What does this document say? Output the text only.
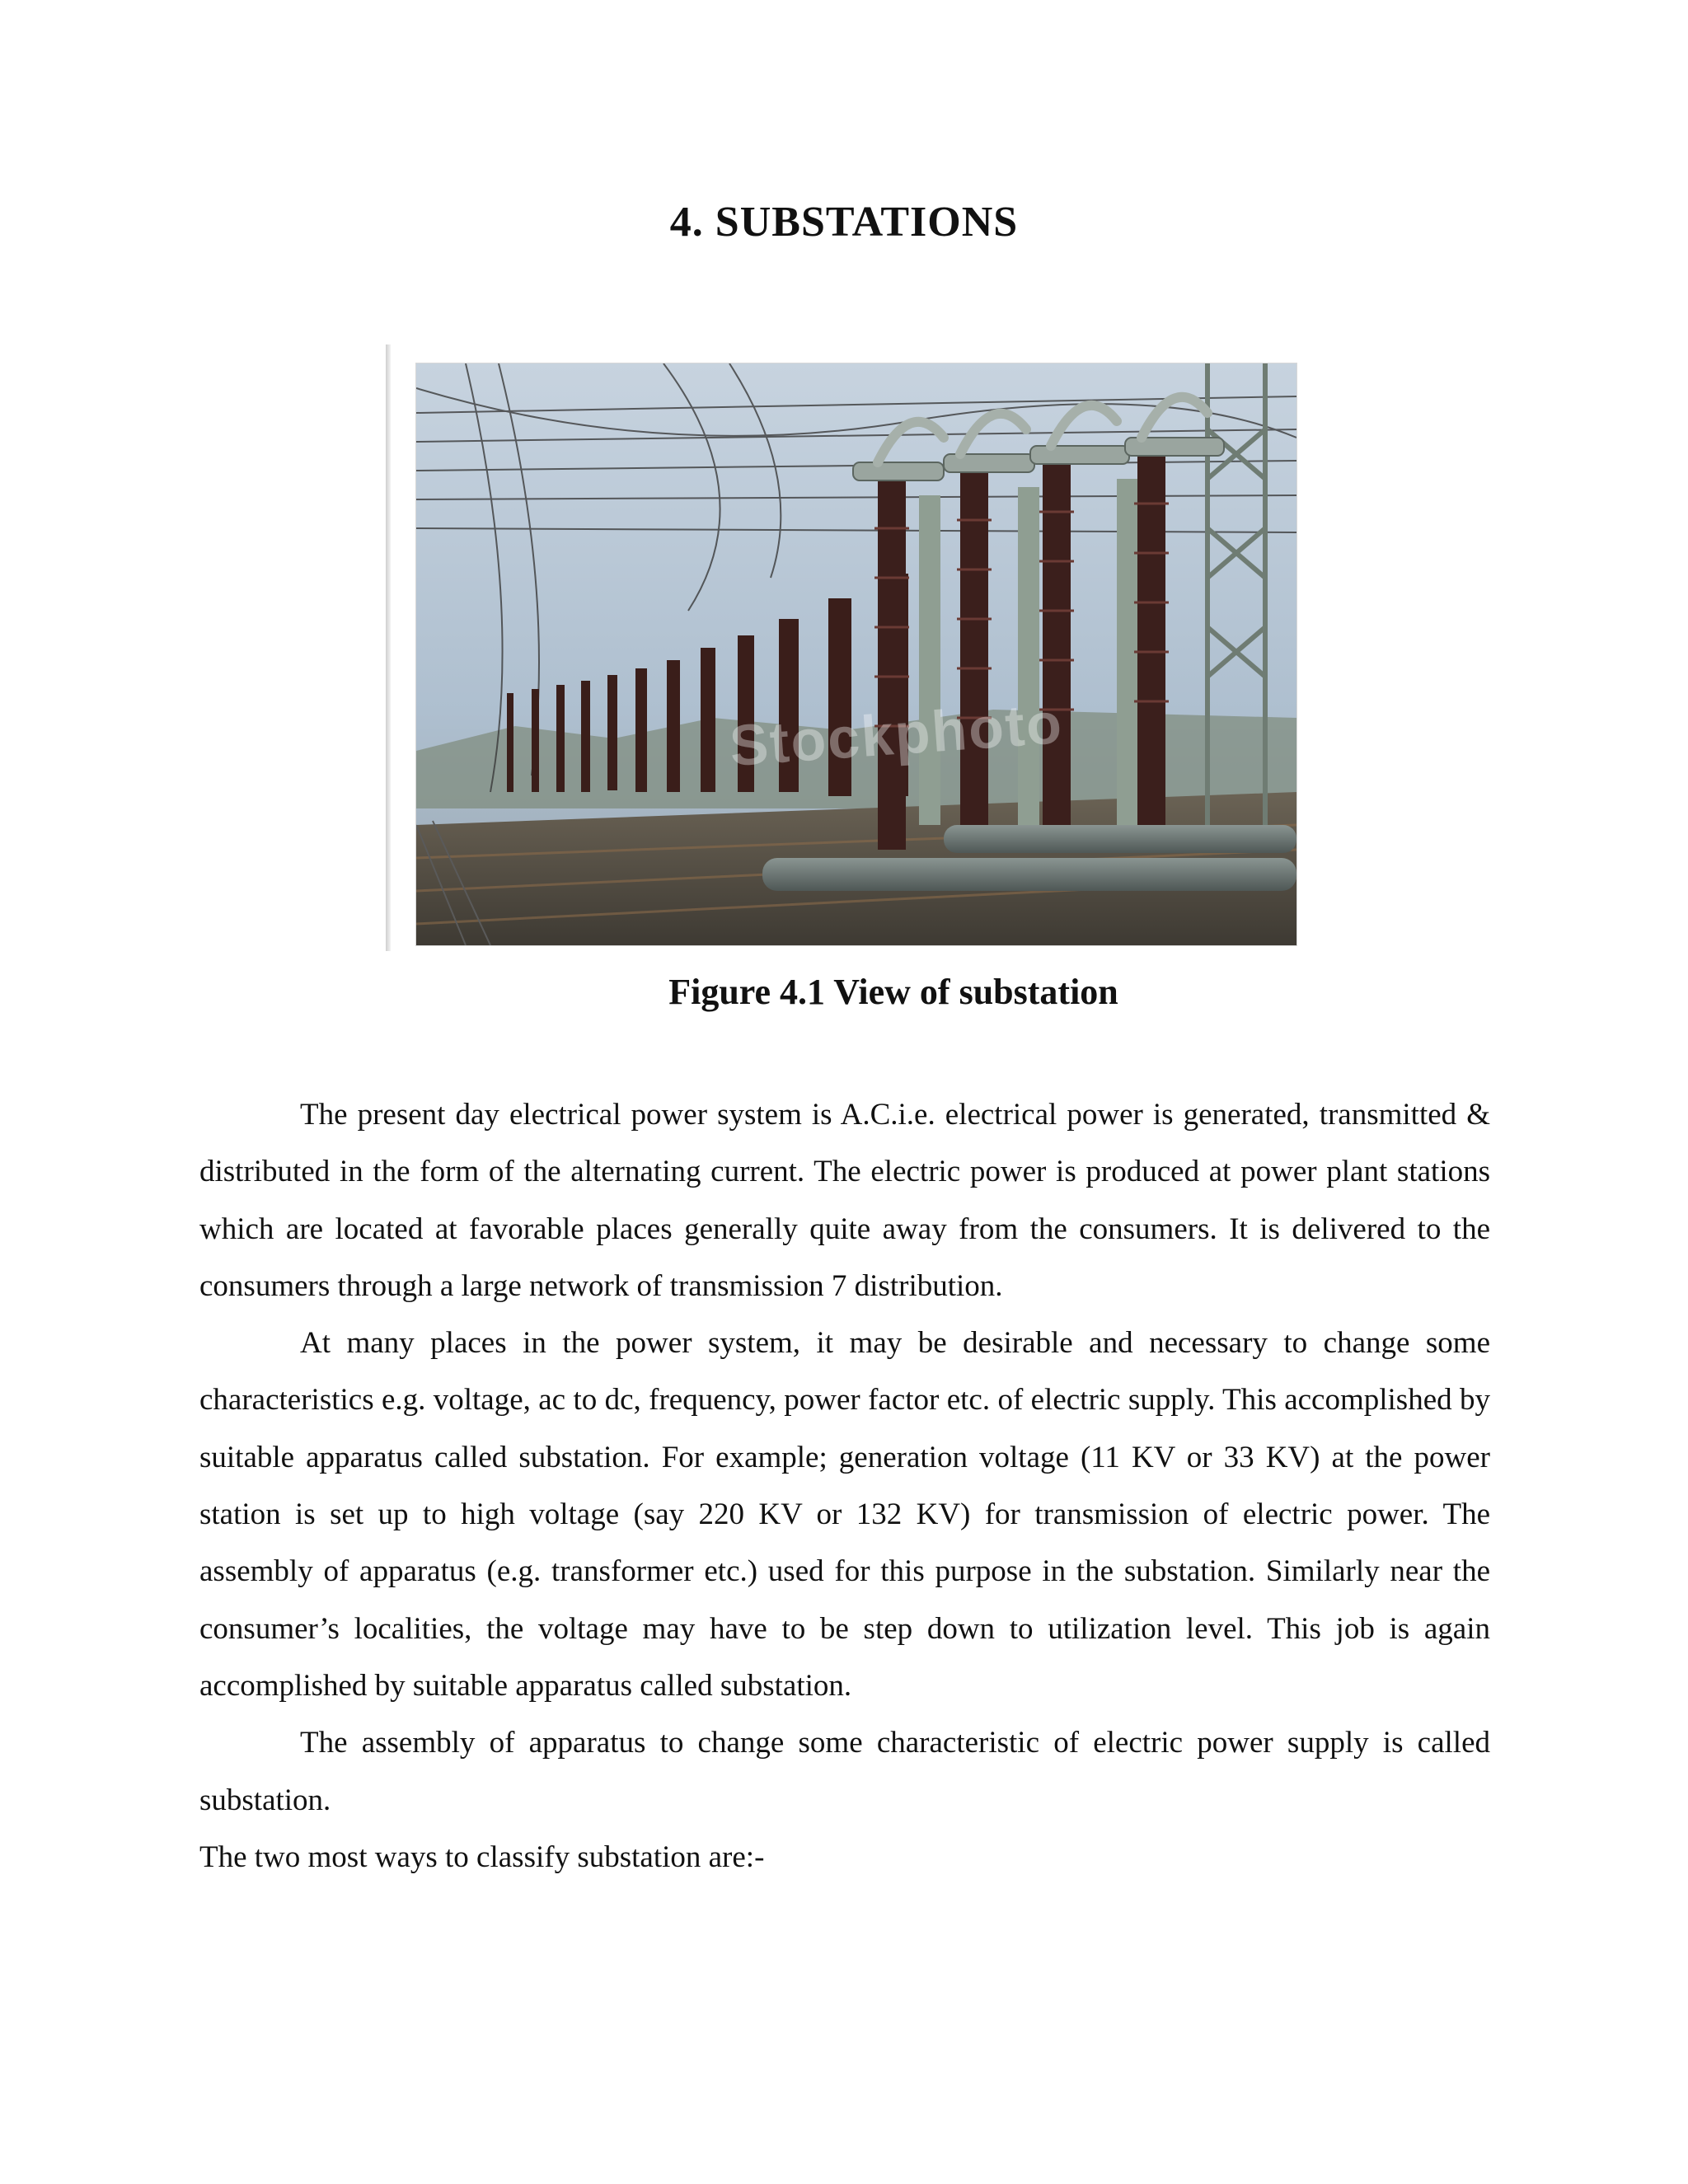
4. SUBSTATIONS
Stockphoto

Figure 4.1 View of substation

The present day electrical power system is A.C.i.e. electrical power is generated, transmitted & distributed in the form of the alternating current. The electric power is produced at power plant stations which are located at favorable places generally quite away from the consumers. It is delivered to the consumers through a large network of transmission 7 distribution.

At many places in the power system, it may be desirable and necessary to change some characteristics e.g. voltage, ac to dc, frequency, power factor etc. of electric supply. This accomplished by suitable apparatus called substation. For example; generation voltage (11 KV or 33 KV) at the power station is set up to high voltage (say 220 KV or 132 KV) for transmission of electric power. The assembly of apparatus (e.g. transformer etc.) used for this purpose in the substation. Similarly near the consumer’s localities, the voltage may have to be step down to utilization level. This job is again accomplished by suitable apparatus called substation.

The assembly of apparatus to change some characteristic of electric power supply is called substation.

The two most ways to classify substation are:-
